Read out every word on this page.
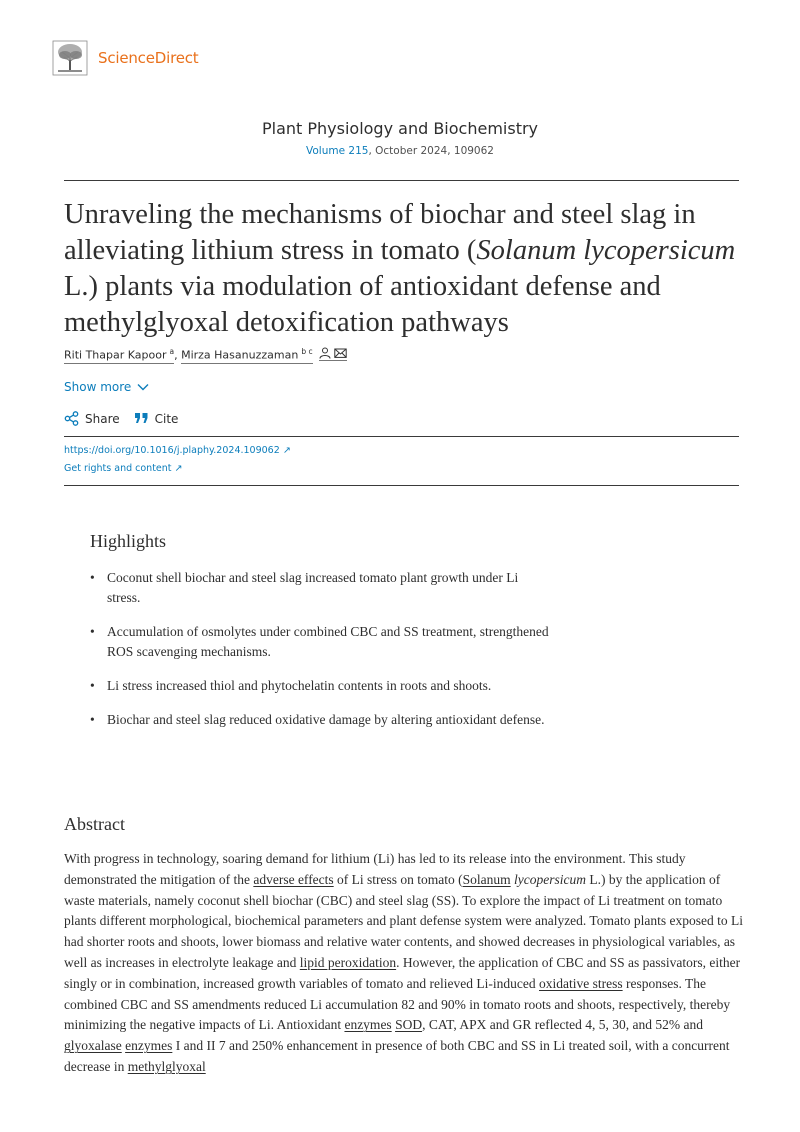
ScienceDirect
Plant Physiology and Biochemistry
Volume 215, October 2024, 109062
Unraveling the mechanisms of biochar and steel slag in alleviating lithium stress in tomato (Solanum lycopersicum L.) plants via modulation of antioxidant defense and methylglyoxal detoxification pathways
Riti Thapar Kapoor $^a$ , Mirza Hasanuzzaman $^{b c}$
Show more
Share	Cite
https://doi.org/10.1016/j.plaphy.2024.109062 ↗
Get rights and content ↗
Highlights
• Coconut shell biochar and steel slag increased tomato plant growth under Li stress.
• Accumulation of osmolytes under combined CBC and SS treatment, strengthened ROS scavenging mechanisms.
• Li stress increased thiol and phytochelatin contents in roots and shoots.
• Biochar and steel slag reduced oxidative damage by altering antioxidant defense.
Abstract

With progress in technology, soaring demand for lithium (Li) has led to its release into the environment. This study demonstrated the mitigation of the adverse effects of Li stress on tomato (Solanum lycopersicum L.) by the application of waste materials, namely coconut shell biochar (CBC) and steel slag (SS). To explore the impact of Li treatment on tomato plants different morphological, biochemical parameters and plant defense system were analyzed. Tomato plants exposed to Li had shorter roots and shoots, lower biomass and relative water contents, and showed decreases in physiological variables, as well as increases in electrolyte leakage and lipid peroxidation. However, the application of CBC and SS as passivators, either singly or in combination, increased growth variables of tomato and relieved Li-induced oxidative stress responses. The combined CBC and SS amendments reduced Li accumulation 82 and 90% in tomato roots and shoots, respectively, thereby minimizing the negative impacts of Li. Antioxidant enzymes SOD, CAT, APX and GR reflected 4, 5, 30, and 52% and glyoxalase enzymes I and II 7 and 250% enhancement in presence of both CBC and SS in Li treated soil, with a concurrent decrease in methylglyoxal
